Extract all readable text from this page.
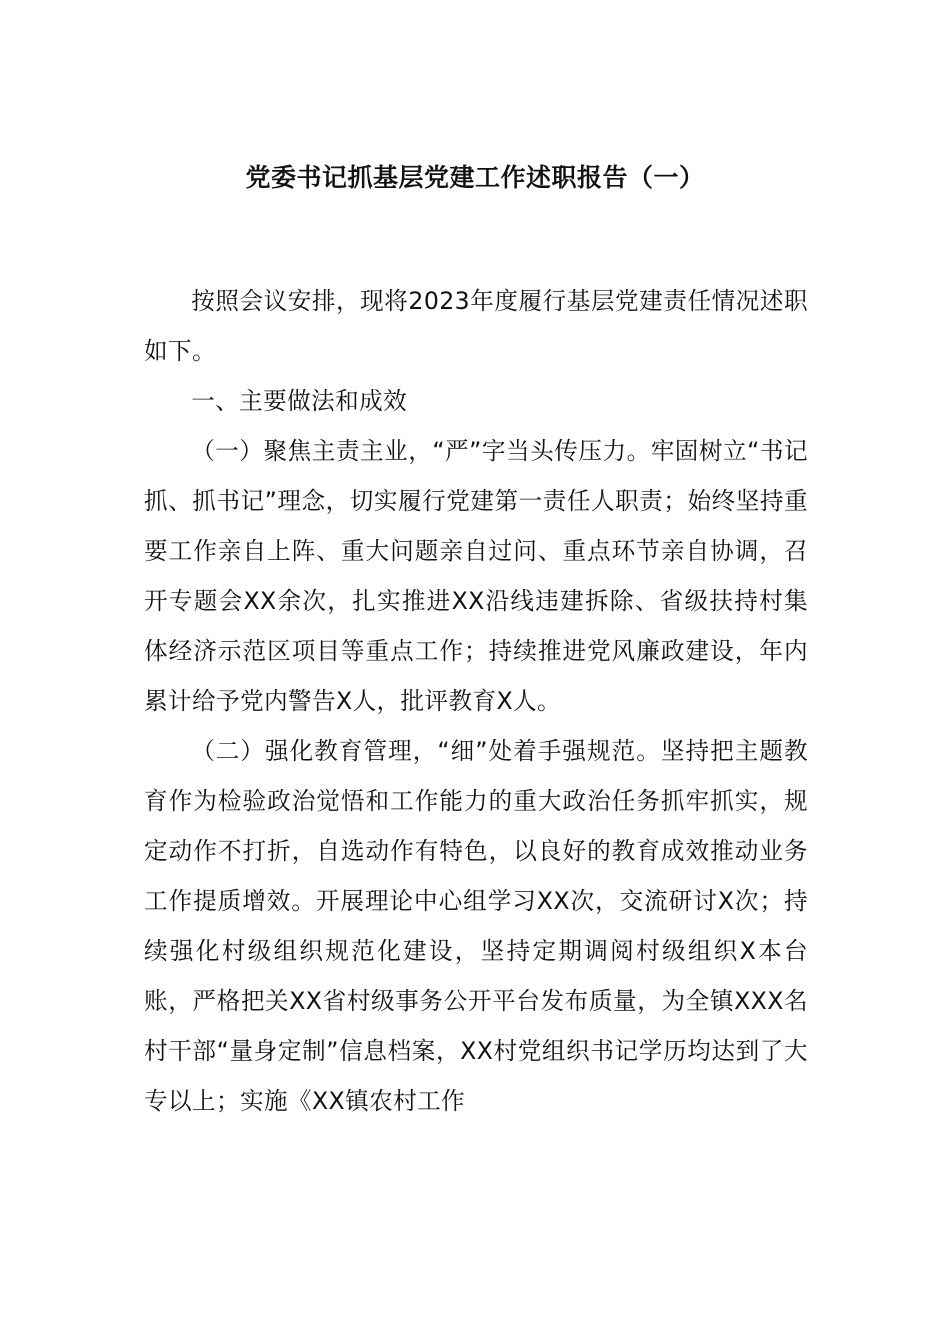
党委书记抓基层党建工作述职报告（一）

按照会议安排，现将2023年度履行基层党建责任情况述职如下。

一、主要做法和成效

（一）聚焦主责主业，“严”字当头传压力。牢固树立“书记抓、抓书记”理念，切实履行党建第一责任人职责；始终坚持重要工作亲自上阵、重大问题亲自过问、重点环节亲自协调，召开专题会XX余次，扎实推进XX沿线违建拆除、省级扶持村集体经济示范区项目等重点工作；持续推进党风廉政建设，年内累计给予党内警告X人，批评教育X人。

（二）强化教育管理，“细”处着手强规范。坚持把主题教育作为检验政治觉悟和工作能力的重大政治任务抓牢抓实，规定动作不打折，自选动作有特色，以良好的教育成效推动业务工作提质增效。开展理论中心组学习XX次，交流研讨X次；持续强化村级组织规范化建设，坚持定期调阅村级组织X本台账，严格把关XX省村级事务公开平台发布质量，为全镇XXX名村干部“量身定制”信息档案，XX村党组织书记学历均达到了大专以上；实施《XX镇农村工作
